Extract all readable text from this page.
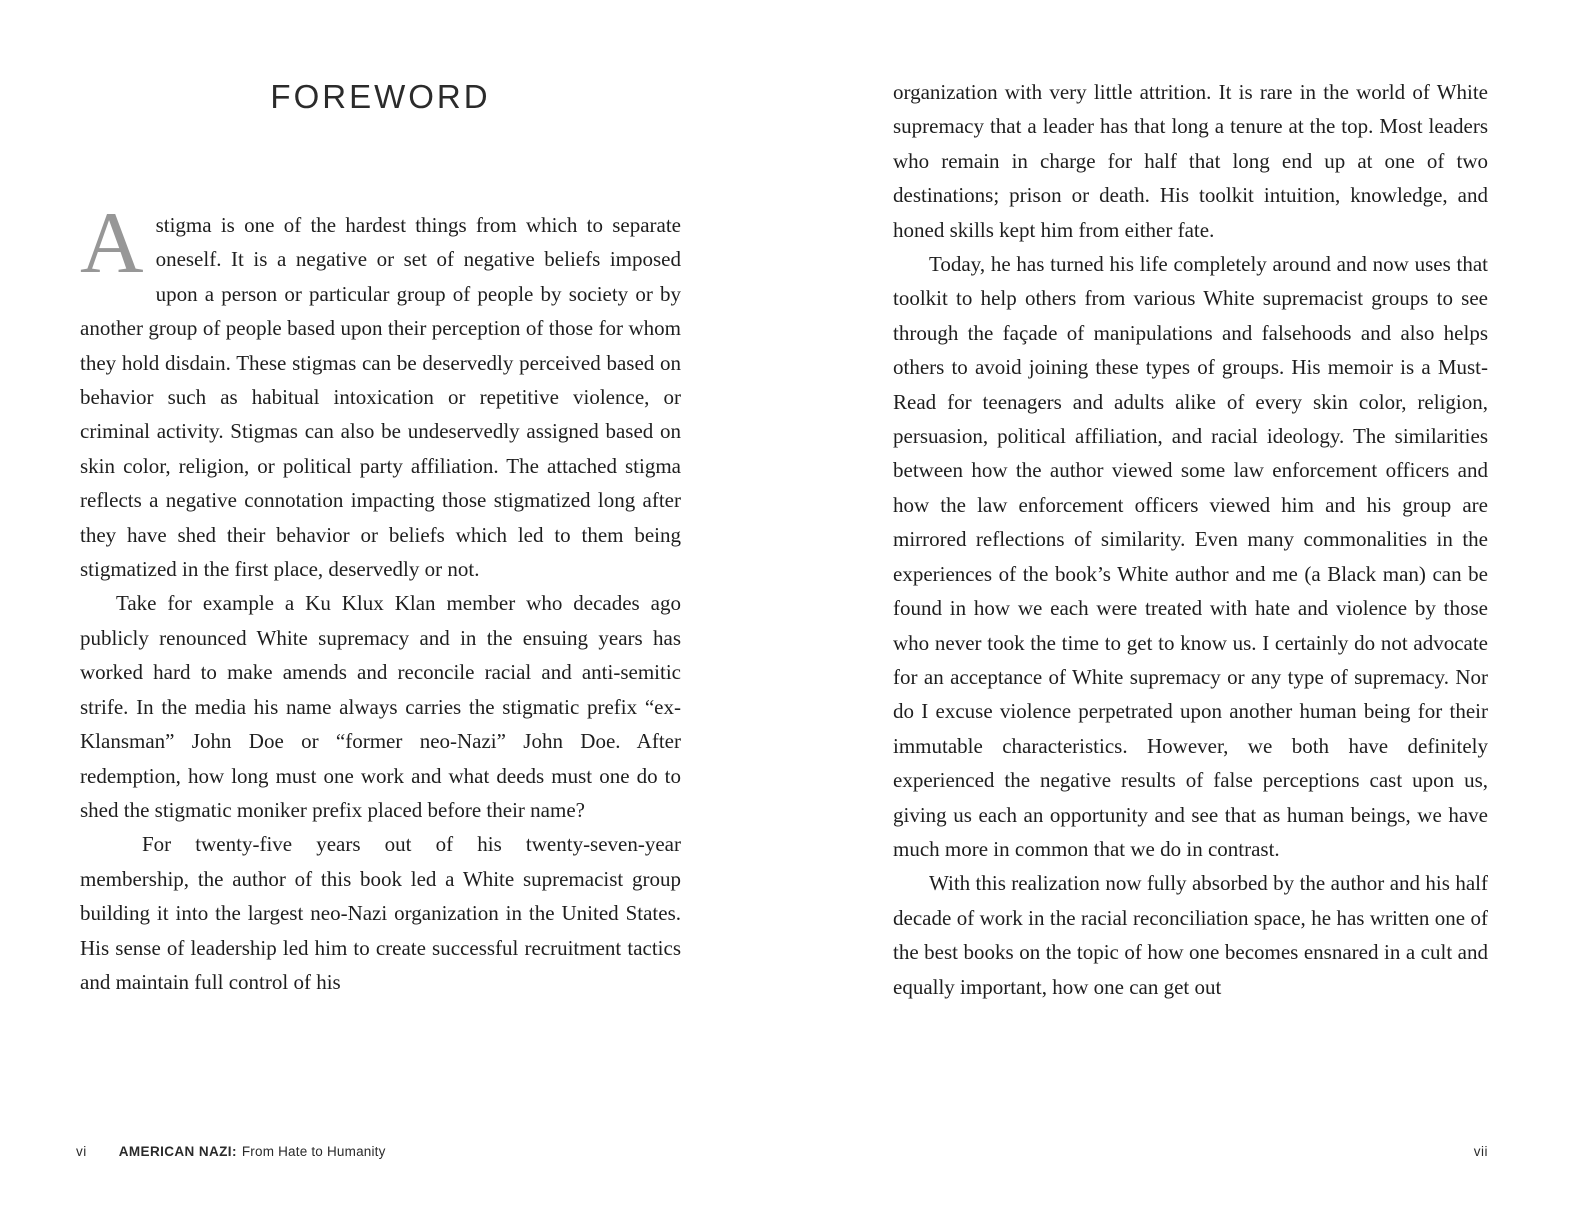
FOREWORD

Astigma is one of the hardest things from which to separate oneself. It is a negative or set of negative beliefs imposed upon a person or particular group of people by society or by another group of people based upon their perception of those for whom they hold disdain. These stigmas can be deservedly perceived based on behavior such as habitual intoxication or repetitive violence, or criminal activity. Stigmas can also be undeservedly assigned based on skin color, religion, or political party affiliation. The attached stigma reflects a negative connotation impacting those stigmatized long after they have shed their behavior or beliefs which led to them being stigmatized in the first place, deservedly or not.

Take for example a Ku Klux Klan member who decades ago publicly renounced White supremacy and in the ensuing years has worked hard to make amends and reconcile racial and anti-semitic strife. In the media his name always carries the stigmatic prefix “ex-Klansman” John Doe or “former neo-Nazi” John Doe. After redemption, how long must one work and what deeds must one do to shed the stigmatic moniker prefix placed before their name?

For twenty-five years out of his twenty-seven-year membership, the author of this book led a White supremacist group building it into the largest neo-Nazi organization in the United States. His sense of leadership led him to create successful recruitment tactics and maintain full control of his

organization with very little attrition. It is rare in the world of White supremacy that a leader has that long a tenure at the top. Most leaders who remain in charge for half that long end up at one of two destinations; prison or death. His toolkit intuition, knowledge, and honed skills kept him from either fate.

Today, he has turned his life completely around and now uses that toolkit to help others from various White supremacist groups to see through the façade of manipulations and falsehoods and also helps others to avoid joining these types of groups. His memoir is a Must-Read for teenagers and adults alike of every skin color, religion, persuasion, political affiliation, and racial ideology. The similarities between how the author viewed some law enforcement officers and how the law enforcement officers viewed him and his group are mirrored reflections of similarity. Even many commonalities in the experiences of the book’s White author and me (a Black man) can be found in how we each were treated with hate and violence by those who never took the time to get to know us. I certainly do not advocate for an acceptance of White supremacy or any type of supremacy. Nor do I excuse violence perpetrated upon another human being for their immutable characteristics. However, we both have definitely experienced the negative results of false perceptions cast upon us, giving us each an opportunity and see that as human beings, we have much more in common that we do in contrast.

With this realization now fully absorbed by the author and his half decade of work in the racial reconciliation space, he has written one of the best books on the topic of how one becomes ensnared in a cult and equally important, how one can get out

vi AMERICAN NAZI: From Hate to Humanity	vii
